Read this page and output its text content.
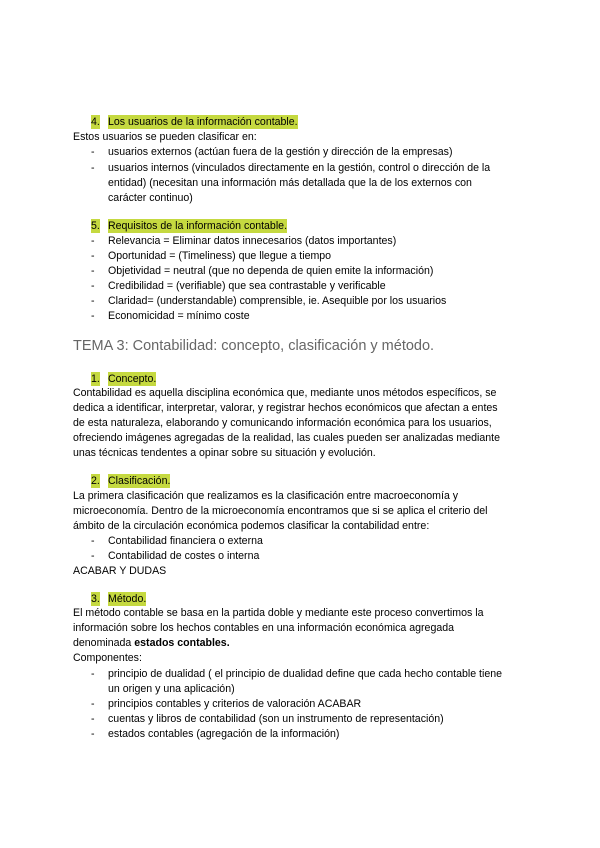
4. Los usuarios de la información contable.
Estos usuarios se pueden clasificar en:
- usuarios externos (actúan fuera de la gestión y dirección de la empresas)
- usuarios internos (vinculados directamente en la gestión, control o dirección de la
entidad) (necesitan una información más detallada que la de los externos con
carácter continuo)
5. Requisitos de la información contable.
- Relevancia = Eliminar datos innecesarios (datos importantes)
- Oportunidad = (Timeliness) que llegue a tiempo
- Objetividad = neutral (que no dependa de quien emite la información)
- Credibilidad = (verifiable) que sea contrastable y verificable
- Claridad= (understandable) comprensible, ie. Asequible por los usuarios
- Economicidad = mínimo coste
TEMA 3: Contabilidad: concepto, clasificación y método.
1. Concepto.
Contabilidad es aquella disciplina económica que, mediante unos métodos específicos, se
dedica a identificar, interpretar, valorar, y registrar hechos económicos que afectan a entes
de esta naturaleza, elaborando y comunicando información económica para los usuarios,
ofreciendo imágenes agregadas de la realidad, las cuales pueden ser analizadas mediante
unas técnicas tendentes a opinar sobre su situación y evolución.
2. Clasificación.
La primera clasificación que realizamos es la clasificación entre macroeconomía y
microeconomía. Dentro de la microeconomía encontramos que si se aplica el criterio del
ámbito de la circulación económica podemos clasificar la contabilidad entre:
- Contabilidad financiera o externa
- Contabilidad de costes o interna
ACABAR Y DUDAS
3. Método.
El método contable se basa en la partida doble y mediante este proceso convertimos la
información sobre los hechos contables en una información económica agregada
denominada estados contables.
Componentes:
- principio de dualidad ( el principio de dualidad define que cada hecho contable tiene
un origen y una aplicación)
- principios contables y criterios de valoración ACABAR
- cuentas y libros de contabilidad (son un instrumento de representación)
- estados contables (agregación de la información)
